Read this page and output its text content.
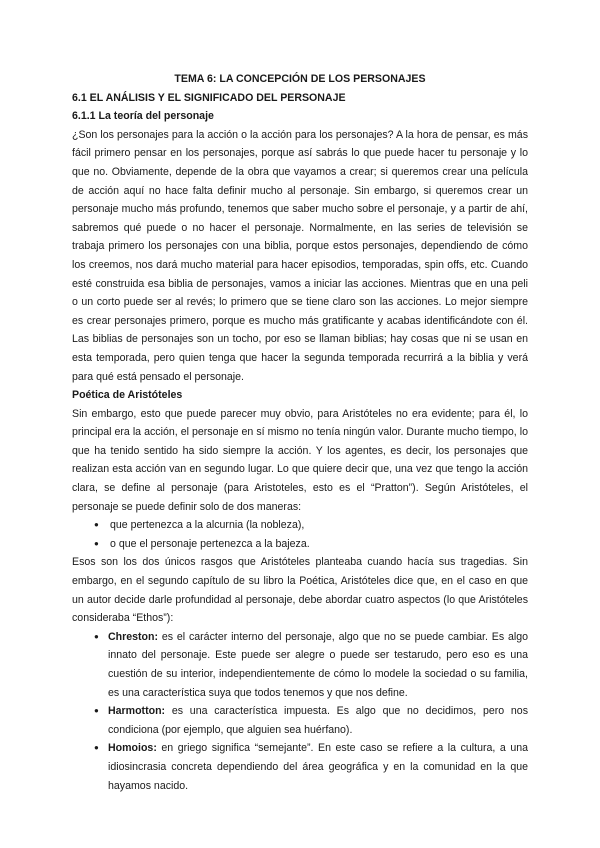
TEMA 6: LA CONCEPCIÓN DE LOS PERSONAJES

6.1 EL ANÁLISIS Y EL SIGNIFICADO DEL PERSONAJE

6.1.1 La teoría del personaje

¿Son los personajes para la acción o la acción para los personajes? A la hora de pensar, es más fácil primero pensar en los personajes, porque así sabrás lo que puede hacer tu personaje y lo que no. Obviamente, depende de la obra que vayamos a crear; si queremos crear una película de acción aquí no hace falta definir mucho al personaje. Sin embargo, si queremos crear un personaje mucho más profundo, tenemos que saber mucho sobre el personaje, y a partir de ahí, sabremos qué puede o no hacer el personaje. Normalmente, en las series de televisión se trabaja primero los personajes con una biblia, porque estos personajes, dependiendo de cómo los creemos, nos dará mucho material para hacer episodios, temporadas, spin offs, etc. Cuando esté construida esa biblia de personajes, vamos a iniciar las acciones. Mientras que en una peli o un corto puede ser al revés; lo primero que se tiene claro son las acciones. Lo mejor siempre es crear personajes primero, porque es mucho más gratificante y acabas identificándote con él. Las biblias de personajes son un tocho, por eso se llaman biblias; hay cosas que ni se usan en esta temporada, pero quien tenga que hacer la segunda temporada recurrirá a la biblia y verá para qué está pensado el personaje.

Poética de Aristóteles

Sin embargo, esto que puede parecer muy obvio, para Aristóteles no era evidente; para él, lo principal era la acción, el personaje en sí mismo no tenía ningún valor. Durante mucho tiempo, lo que ha tenido sentido ha sido siempre la acción. Y los agentes, es decir, los personajes que realizan esta acción van en segundo lugar. Lo que quiere decir que, una vez que tengo la acción clara, se define al personaje (para Aristoteles, esto es el “Pratton”). Según Aristóteles, el personaje se puede definir solo de dos maneras:

● que pertenezca a la alcurnia (la nobleza),
● o que el personaje pertenezca a la bajeza.

Esos son los dos únicos rasgos que Aristóteles planteaba cuando hacía sus tragedias. Sin embargo, en el segundo capítulo de su libro la Poética, Aristóteles dice que, en el caso en que un autor decide darle profundidad al personaje, debe abordar cuatro aspectos (lo que Aristóteles consideraba “Ethos”):

● Chreston: es el carácter interno del personaje, algo que no se puede cambiar. Es algo innato del personaje. Este puede ser alegre o puede ser testarudo, pero eso es una cuestión de su interior, independientemente de cómo lo modele la sociedad o su familia, es una característica suya que todos tenemos y que nos define.
● Harmotton: es una característica impuesta. Es algo que no decidimos, pero nos condiciona (por ejemplo, que alguien sea huérfano).
● Homoios: en griego significa “semejante”. En este caso se refiere a la cultura, a una idiosincrasia concreta dependiendo del área geográfica y en la comunidad en la que hayamos nacido.
